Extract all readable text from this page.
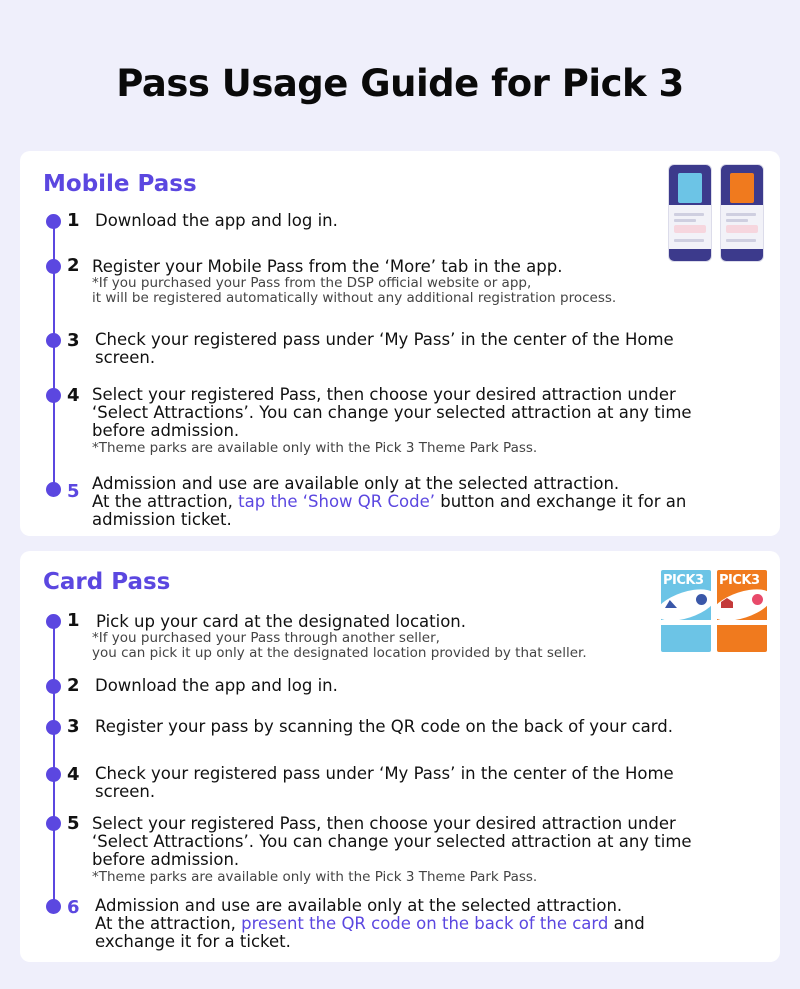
Pass Usage Guide for Pick 3
Mobile Pass
1 Download the app and log in.
2 Register your Mobile Pass from the ‘More’ tab in the app.
*If you purchased your Pass from the DSP official website or app,
it will be registered automatically without any additional registration process.
3 Check your registered pass under ‘My Pass’ in the center of the Home screen.
4 Select your registered Pass, then choose your desired attraction under ‘Select Attractions’. You can change your selected attraction at any time before admission.
*Theme parks are available only with the Pick 3 Theme Park Pass.
5 Admission and use are available only at the selected attraction.
At the attraction, tap the ‘Show QR Code’ button and exchange it for an admission ticket.
Card Pass	PICK3 PICK3
1 Pick up your card at the designated location.
*If you purchased your Pass through another seller,
you can pick it up only at the designated location provided by that seller.
2 Download the app and log in.
3 Register your pass by scanning the QR code on the back of your card.
4 Check your registered pass under ‘My Pass’ in the center of the Home screen.
5 Select your registered Pass, then choose your desired attraction under ‘Select Attractions’. You can change your selected attraction at any time before admission.
*Theme parks are available only with the Pick 3 Theme Park Pass.
6 Admission and use are available only at the selected attraction.
At the attraction, present the QR code on the back of the card and exchange it for a ticket.
